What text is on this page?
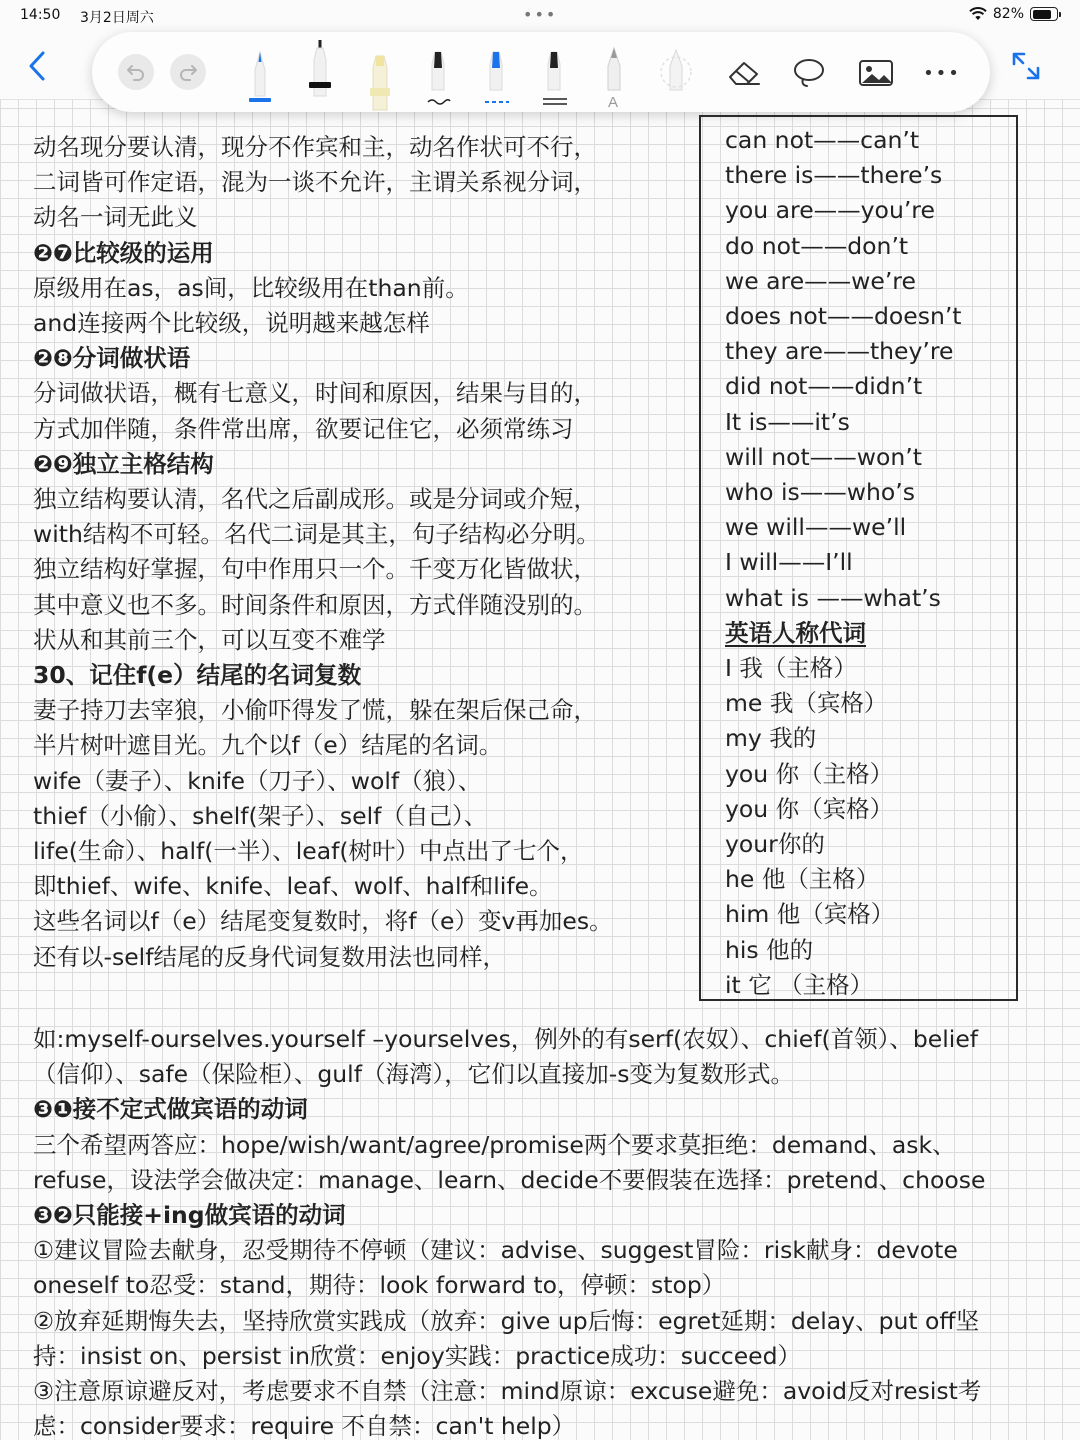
14:50 3月2日周六	•••	82%
A
•••
动名现分要认清，现分不作宾和主，动名作状可不行，
二词皆可作定语，混为一谈不允许，主谓关系视分词，
动名一词无此义
❷❼比较级的运用
原级用在as，as间，比较级用在than前。
and连接两个比较级，说明越来越怎样
❷❽分词做状语
分词做状语，概有七意义，时间和原因，结果与目的，
方式加伴随，条件常出席，欲要记住它，必须常练习
❷❾独立主格结构
独立结构要认清，名代之后副成形。或是分词或介短，
with结构不可轻。名代二词是其主，句子结构必分明。
独立结构好掌握，句中作用只一个。千变万化皆做状，
其中意义也不多。时间条件和原因，方式伴随没别的。
状从和其前三个，可以互变不难学
30、记住f(e）结尾的名词复数
妻子持刀去宰狼，小偷吓得发了慌，躲在架后保己命，
半片树叶遮目光。九个以f（e）结尾的名词。
wife（妻子）、knife（刀子）、wolf（狼）、
thief（小偷）、shelf(架子）、self（自己）、
life(生命）、half(一半）、leaf(树叶）中点出了七个，
即thief、wife、knife、leaf、wolf、half和life。
这些名词以f（e）结尾变复数时，将f（e）变v再加es。
还有以-self结尾的反身代词复数用法也同样，
can not——can’t
there is——there’s
you are——you’re
do not——don’t
we are——we’re
does not——doesn’t
they are——they’re
did not——didn’t
It is——it’s
will not——won’t
who is——who’s
we will——we’ll
I will——I’ll
what is ——what’s
英语人称代词
I 我（主格）
me 我（宾格）
my 我的
you 你（主格）
you 你（宾格）
your你的
he 他（主格）
him 他（宾格）
his 他的
it 它 （主格）
如:myself-ourselves.yourself –yourselves，例外的有serf(农奴）、chief(首领）、belief
（信仰）、safe（保险柜）、gulf（海湾），它们以直接加-s变为复数形式。
❸❶接不定式做宾语的动词
三个希望两答应：hope/wish/want/agree/promise两个要求莫拒绝：demand、ask、
refuse，设法学会做决定：manage、learn、decide不要假装在选择：pretend、choose
❸❷只能接+ing做宾语的动词
①建议冒险去献身，忍受期待不停顿（建议：advise、suggest冒险：risk献身：devote
oneself to忍受：stand，期待：look forward to，停顿：stop）
②放弃延期悔失去，坚持欣赏实践成（放弃：give up后悔：egret延期：delay、put off坚
持：insist on、persist in欣赏：enjoy实践：practice成功：succeed）
③注意原谅避反对，考虑要求不自禁（注意：mind原谅：excuse避免：avoid反对resist考
虑：consider要求：require 不自禁：can't help）
